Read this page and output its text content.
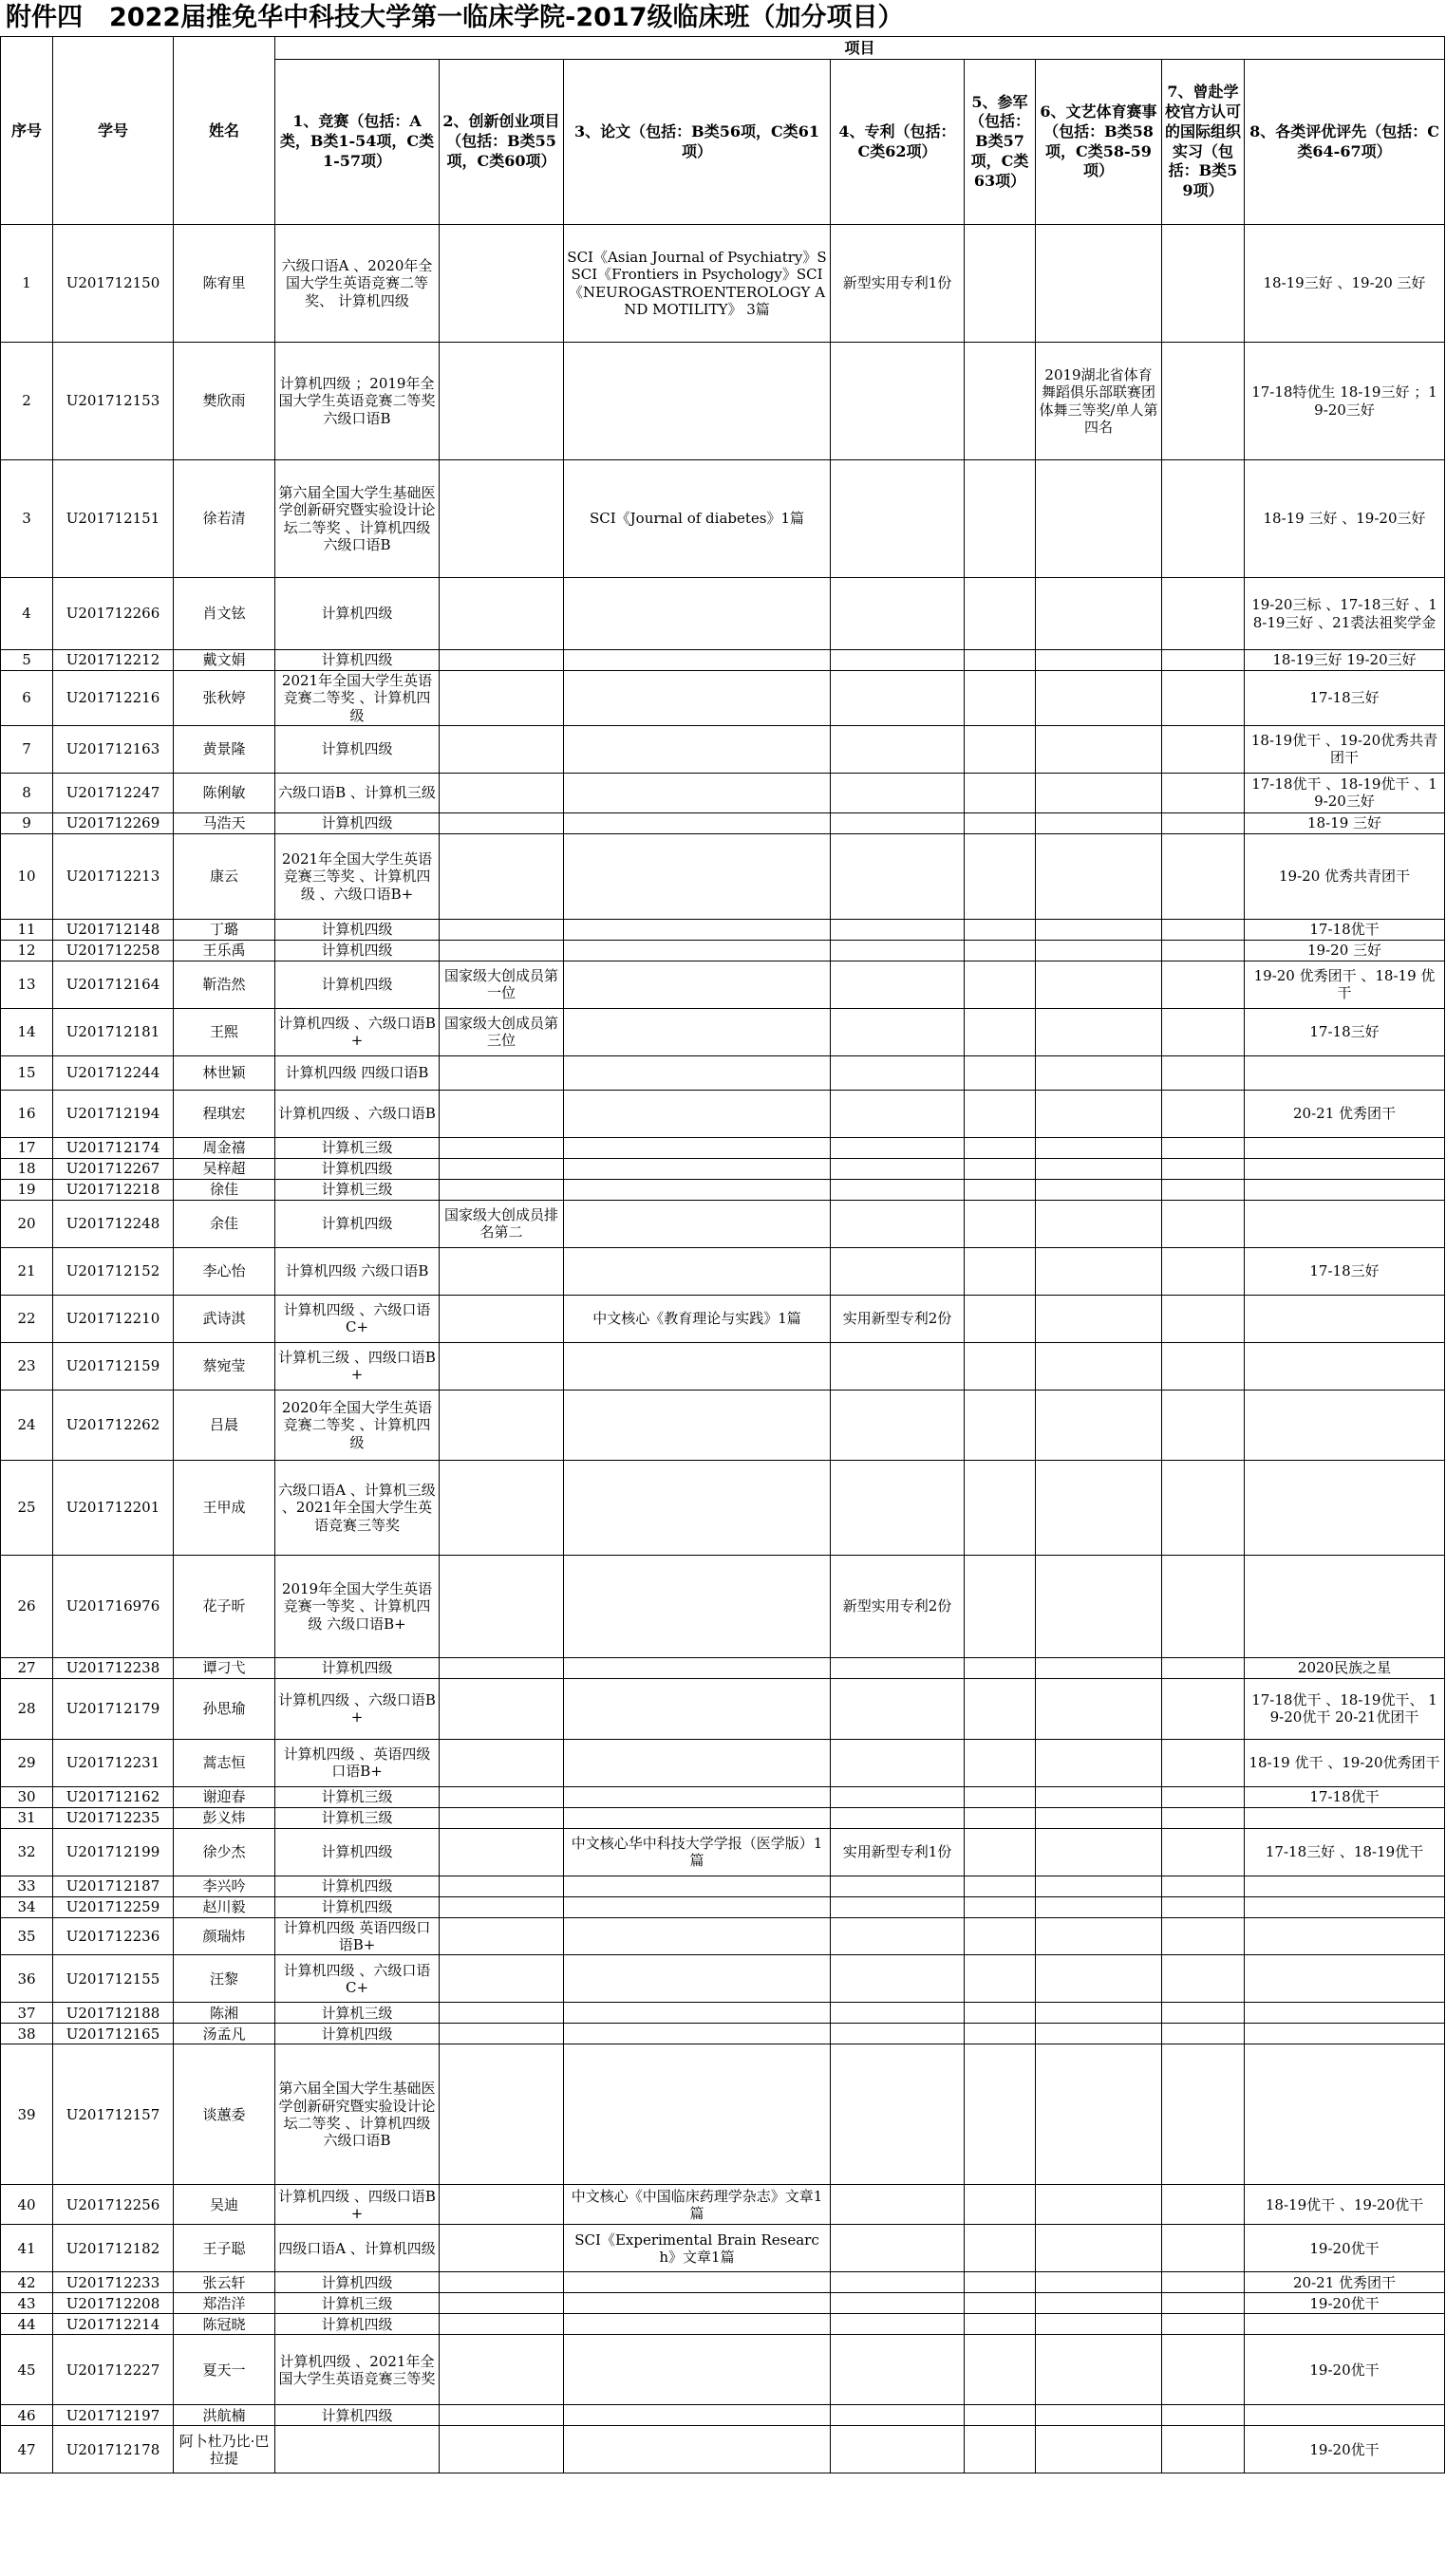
附件四 2022届推免华中科技大学第一临床学院-2017级临床班（加分项目）
序号	学号	姓名	项目							
			1、竞赛（包括：A类，B类1-54项，C类1-57项）	2、创新创业项目（包括：B类55项，C类60项）	3、论文（包括：B类56项，C类61项）	4、专利（包括：C类62项）	5、参军（包括：B类57项，C类63项）	6、文艺体育赛事（包括：B类58项，C类58-59项）	7、曾赴学校官方认可的国际组织实习（包括：B类59项）	8、各类评优评先（包括：C类64-67项）
1	U201712150	陈宥里	六级口语A 、2020年全国大学生英语竞赛二等奖、 计算机四级		SCI《Asian Journal of Psychiatry》SSCI《Frontiers in Psychology》SCI《NEUROGASTROENTEROLOGY AND MOTILITY》 3篇	新型实用专利1份				18-19三好 、19-20 三好
2	U201712153	樊欣雨	计算机四级 ；2019年全国大学生英语竞赛二等奖 六级口语B					2019湖北省体育舞蹈俱乐部联赛团体舞三等奖/单人第四名		17-18特优生 18-19三好 ；19-20三好
3	U201712151	徐若清	第六届全国大学生基础医学创新研究暨实验设计论坛二等奖 、计算机四级 六级口语B		SCI《Journal of diabetes》1篇					18-19 三好 、19-20三好
4	U201712266	肖文铉	计算机四级							19-20三标 、17-18三好 、18-19三好 、21裘法祖奖学金
5	U201712212	戴文娟	计算机四级							18-19三好 19-20三好
6	U201712216	张秋婷	2021年全国大学生英语竞赛二等奖 、计算机四级							17-18三好
7	U201712163	黄景隆	计算机四级							18-19优干 、19-20优秀共青团干
8	U201712247	陈俐敏	六级口语B 、计算机三级							17-18优干 、18-19优干 、19-20三好
9	U201712269	马浩天	计算机四级							18-19 三好
10	U201712213	康云	2021年全国大学生英语竞赛三等奖 、计算机四级 、六级口语B+							19-20 优秀共青团干
11	U201712148	丁璐	计算机四级							17-18优干
12	U201712258	王乐禹	计算机四级							19-20 三好
13	U201712164	靳浩然	计算机四级	国家级大创成员第一位						19-20 优秀团干 、18-19 优干
14	U201712181	王熙	计算机四级 、六级口语B+	国家级大创成员第三位						17-18三好
15	U201712244	林世颖	计算机四级 四级口语B							
16	U201712194	程琪宏	计算机四级 、六级口语B							20-21 优秀团干
17	U201712174	周金禧	计算机三级							
18	U201712267	吴梓超	计算机四级							
19	U201712218	徐佳	计算机三级							
20	U201712248	余佳	计算机四级	国家级大创成员排名第二						
21	U201712152	李心怡	计算机四级 六级口语B							17-18三好
22	U201712210	武诗淇	计算机四级 、六级口语C+		中文核心《教育理论与实践》1篇	实用新型专利2份				
23	U201712159	蔡宛莹	计算机三级 、四级口语B+							
24	U201712262	吕晨	2020年全国大学生英语竞赛二等奖 、计算机四级							
25	U201712201	王甲成	六级口语A 、计算机三级 、2021年全国大学生英语竞赛三等奖							
26	U201716976	花子昕	2019年全国大学生英语竞赛一等奖 、计算机四级 六级口语B+			新型实用专利2份				
27	U201712238	谭刁弋	计算机四级							2020民族之星
28	U201712179	孙思瑜	计算机四级 、六级口语B+							17-18优干 、18-19优干、 19-20优干 20-21优团干
29	U201712231	蒿志恒	计算机四级 、英语四级口语B+							18-19 优干 、19-20优秀团干
30	U201712162	谢迎春	计算机三级							17-18优干
31	U201712235	彭义炜	计算机三级							
32	U201712199	徐少杰	计算机四级		中文核心华中科技大学学报（医学版）1篇	实用新型专利1份				17-18三好 、18-19优干
33	U201712187	李兴吟	计算机四级							
34	U201712259	赵川毅	计算机四级							
35	U201712236	颜瑞炜	计算机四级 英语四级口语B+							
36	U201712155	汪黎	计算机四级 、六级口语C+							
37	U201712188	陈湘	计算机三级							
38	U201712165	汤孟凡	计算机四级							
39	U201712157	谈蕙委	第六届全国大学生基础医学创新研究暨实验设计论坛二等奖 、计算机四级 六级口语B							
40	U201712256	吴迪	计算机四级 、四级口语B+		中文核心《中国临床药理学杂志》文章1篇					18-19优干 、19-20优干
41	U201712182	王子聪	四级口语A 、计算机四级		SCI《Experimental Brain Research》文章1篇					19-20优干
42	U201712233	张云轩	计算机四级							20-21 优秀团干
43	U201712208	郑浩洋	计算机三级							19-20优干
44	U201712214	陈冠晓	计算机四级							
45	U201712227	夏天一	计算机四级 、2021年全国大学生英语竞赛三等奖							19-20优干
46	U201712197	洪航楠	计算机四级							
47	U201712178	阿卜杜乃比·巴拉提								19-20优干
